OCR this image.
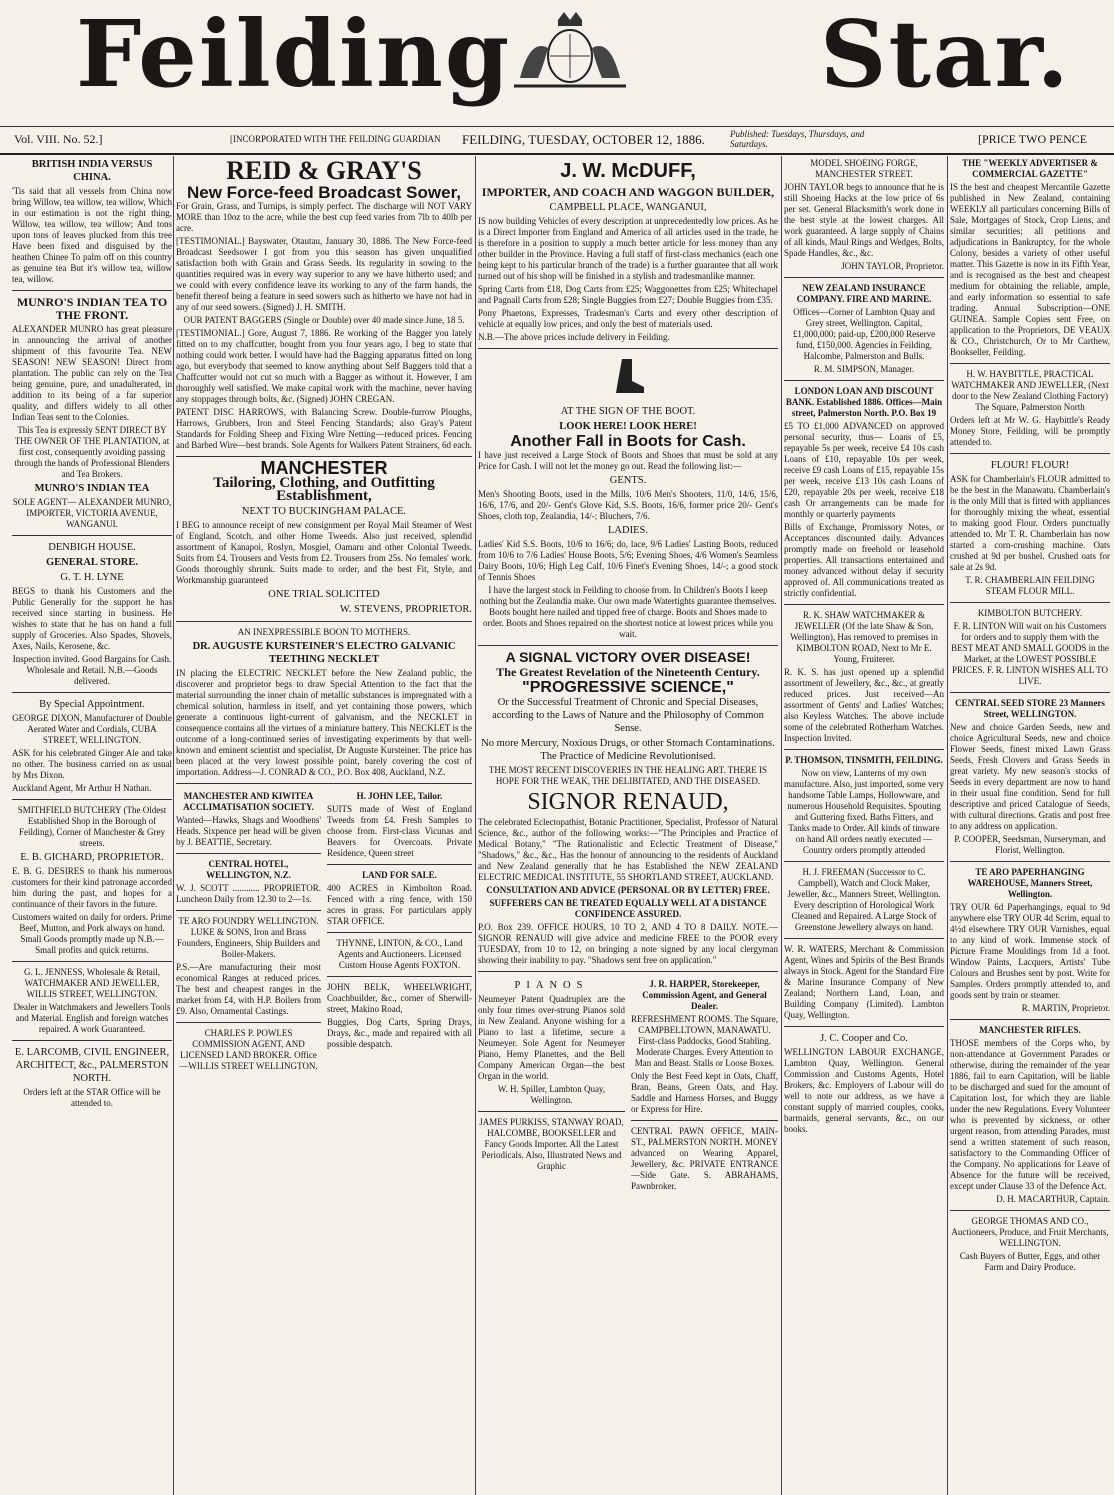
Feilding	Star.
Vol. VIII. No. 52.]	[INCORPORATED WITH THE FEILDING GUARDIAN FEILDING, TUESDAY, OCTOBER 12, 1886.	Published: Tuesdays, Thursdays, and Saturdays.	[PRICE TWO PENCE

BRITISH INDIA VERSUS CHINA.

'Tis said that all vessels from China now bring Willow, tea willow, tea willow, Which in our estimation is not the right thing, Willow, tea willow, tea willow; And tons upon tons of leaves plucked from this tree Have been fixed and disguised by the heathen Chinee To palm off on this country as genuine tea But it's willow tea, willow tea, willow.

MUNRO'S INDIAN TEA TO THE FRONT.

ALEXANDER MUNRO has great pleasure in announcing the arrival of another shipment of this favourite Tea. NEW SEASON! NEW SEASON! Direct from plantation. The public can rely on the Tea being genuine, pure, and unadulterated, in addition to its being of a far superior quality, and differs widely to all other Indian Teas sent to the Colonies.

This Tea is expressly SENT DIRECT BY THE OWNER OF THE PLANTATION, at first cost, consequently avoiding passing through the hands of Professional Blenders and Tea Brokers.

MUNRO'S INDIAN TEA

SOLE AGENT— ALEXANDER MUNRO, IMPORTER, VICTORIA AVENUE, WANGANUI.

DENBIGH HOUSE.

GENERAL STORE.

G. T. H. LYNE

BEGS to thank his Customers and the Public Generally for the support he has received since starting in business. He wishes to state that he has on hand a full supply of Groceries. Also Spades, Shovels, Axes, Nails, Kerosene, &c.

Inspection invited. Good Bargains for Cash. Wholesale and Retail. N.B.—Goods delivered.

By Special Appointment.

GEORGE DIXON, Manufacturer of Double Aerated Water and Cordials, CUBA STREET, WELLINGTON.

ASK for his celebrated Ginger Ale and take no other. The business carried on as usual by Mrs Dixon.

Auckland Agent, Mr Arthur H Nathan.

SMITHFIELD BUTCHERY (The Oldest Established Shop in the Borough of Feilding), Corner of Manchester & Grey streets.

E. B. GICHARD, PROPRIETOR.

E. B. G. DESIRES to thank his numerous customers for their kind patronage accorded him during the past, and hopes for a continuance of their favors in the future.

Customers waited on daily for orders. Prime Beef, Mutton, and Pork always on hand. Small Goods promptly made up N.B.—Small profits and quick returns.

G. L. JENNESS, Wholesale & Retail, WATCHMAKER AND JEWELLER, WILLIS STREET, WELLINGTON.

Dealer in Watchmakers and Jewellers Tools and Material. English and foreign watches repaired. A work Guaranteed.

E. LARCOMB, CIVIL ENGINEER, ARCHITECT, &c., PALMERSTON NORTH.

Orders left at the STAR Office will be attended to.

REID & GRAY'S

New Force-feed Broadcast Sower,

For Grain, Grass, and Turnips, is simply perfect. The discharge will NOT VARY MORE than 10oz to the acre, while the best cup feed varies from 7lb to 40lb per acre.

[TESTIMONIAL.] Bayswater, Otautau, January 30, 1886. The New Force-feed Broadcast Seedsower I got from you this season has given unqualified satisfaction both with Grain and Grass Seeds. Its regularity in sowing to the quantities required was in every way superior to any we have hitherto used; and we could with every confidence leave its working to any of the farm hands, the benefit thereof being a feature in seed sowers such as hitherto we have not had in any of our seed sowers. (Signed) J. H. SMITH.

OUR PATENT BAGGERS (Single or Double) over 40 made since June, 18 5.

[TESTIMONIAL.] Gore, August 7, 1886. Re working of the Bagger you lately fitted on to my chaffcutter, bought from you four years ago, I beg to state that nothing could work better. I would have had the Bagging apparatus fitted on long ago, but everybody that seemed to know anything about Self Baggers told that a Chaffcutter would not cut so much with a Bagger as without it. However, I am thoroughly well satisfied. We make capital work with the machine, never having any stoppages through bolts, &c. (Signed) JOHN CREGAN.

PATENT DISC HARROWS, with Balancing Screw. Double-furrow Ploughs, Harrows, Grubbers, Iron and Steel Fencing Standards; also Gray's Patent Standards for Folding Sheep and Fixing Wire Netting—reduced prices. Fencing and Barbed Wire—best brands. Sole Agents for Walkers Patent Strainers, 6d each.

MANCHESTER

Tailoring, Clothing, and Outfitting Establishment,

NEXT TO BUCKINGHAM PALACE.

I BEG to announce receipt of new consignment per Royal Mail Steamer of West of England, Scotch, and other Home Tweeds. Also just received, splendid assortment of Kanapoi, Roslyn, Mosgiel, Oamaru and other Colonial Tweeds. Suits from £4. Trousers and Vests from £2. Trousers from 25s. No females' work. Goods thoroughly shrunk. Suits made to order, and the best Fit, Style, and Workmanship guaranteed

ONE TRIAL SOLICITED

W. STEVENS, PROPRIETOR.

AN INEXPRESSIBLE BOON TO MOTHERS.

DR. AUGUSTE KURSTEINER'S ELECTRO GALVANIC TEETHING NECKLET

IN placing the ELECTRIC NECKLET before the New Zealand public, the discoverer and proprietor begs to draw Special Attention to the fact that the material surrounding the inner chain of metallic substances is impregnated with a chemical solution, harmless in itself, and yet containing those powers, which generate a continuous light-current of galvanism, and the NECKLET in consequence contains all the virtues of a miniature battery. This NECKLET is the outcome of a long-continued series of investigating experiments by that well-known and eminent scientist and specialist, Dr Auguste Kursteiner. The price has been placed at the very lowest possible point, barely covering the cost of importation. Address—J. CONRAD & CO., P.O. Box 408, Auckland, N.Z.

MANCHESTER AND KIWITEA ACCLIMATISATION SOCIETY.

Wanted—Hawks, Shags and Woodhens' Heads. Sixpence per head will be given by J. BEATTIE, Secretary.

CENTRAL HOTEL, WELLINGTON, N.Z.

W. J. SCOTT ............ PROPRIETOR. Luncheon Daily from 12.30 to 2—1s.

TE ARO FOUNDRY WELLINGTON. LUKE & SONS, Iron and Brass Founders, Engineers, Ship Builders and Boiler-Makers.

P.S.—Are manufacturing their most economical Ranges at reduced prices. The best and cheapest ranges in the market from £4, with H.P. Boilers from £9. Also, Ornamental Castings.

CHARLES P. POWLES COMMISSION AGENT, AND LICENSED LAND BROKER. Office—WILLIS STREET WELLINGTON.

H. JOHN LEE, Tailor.

SUITS made of West of England Tweeds from £4. Fresh Samples to choose from. First-class Vicunas and Beavers for Overcoats. Private Residence, Queen street

LAND FOR SALE.

400 ACRES in Kimbolton Road. Fenced with a ring fence, with 150 acres in grass. For particulars apply STAR OFFICE.

THYNNE, LINTON, & CO., Land Agents and Auctioneers. Licensed Custom House Agents FOXTON.

JOHN BELK, WHEELWRIGHT, Coachbuilder, &c., corner of Sherwill-street, Makino Road,

Buggies, Dog Carts, Spring Drays, Drays, &c., made and repaired with all possible despatch.

J. W. McDUFF,

IMPORTER, AND COACH AND WAGGON BUILDER,

CAMPBELL PLACE, WANGANUI,

IS now building Vehicles of every description at unprecedentedly low prices. As he is a Direct Importer from England and America of all articles used in the trade, he is therefore in a position to supply a much better article for less money than any other builder in the Province. Having a full staff of first-class mechanics (each one being kept to his particular branch of the trade) is a further guarantee that all work turned out of his shop will be finished in a stylish and tradesmanlike manner.

Spring Carts from £18, Dog Carts from £25; Waggonettes from £25; Whitechapel and Pagnall Carts from £28; Single Buggies from £27; Double Buggies from £35.

Pony Phaetons, Expresses, Tradesman's Carts and every other description of vehicle at equally low prices, and only the best of materials used.

N.B.—The above prices include delivery in Feilding.

AT THE SIGN OF THE BOOT.

LOOK HERE! LOOK HERE!

Another Fall in Boots for Cash.

I have just received a Large Stock of Boots and Shoes that must be sold at any Price for Cash. I will not let the money go out. Read the following list:—

GENTS.

Men's Shooting Boots, used in the Mills, 10/6 Men's Shooters, 11/0, 14/6, 15/6, 16/6, 17/6, and 20/- Gent's Glove Kid, S.S. Boots, 16/6, former price 20/- Gent's Shoes, cloth top, Zealandia, 14/-; Bluchers, 7/6.

LADIES.

Ladies' Kid S.S. Boots, 10/6 to 16/6; do, lace, 9/6 Ladies' Lasting Boots, reduced from 10/6 to 7/6 Ladies' House Boots, 5/6; Evening Shoes, 4/6 Women's Seamless Dairy Boots, 10/6; High Leg Calf, 10/6 Finet's Evening Shoes, 14/-; a good stock of Tennis Shoes

I have the largest stock in Feilding to choose from. In Children's Boots I keep nothing but the Zealandia make. Our own made Watertights guarantee themselves. Boots bought here nailed and tipped free of charge. Boots and Shoes made to order. Boots and Shoes repaired on the shortest notice at lowest prices while you wait.

A SIGNAL VICTORY OVER DISEASE!

The Greatest Revelation of the Nineteenth Century.

"PROGRESSIVE SCIENCE,"

Or the Successful Treatment of Chronic and Special Diseases, according to the Laws of Nature and the Philosophy of Common Sense.

No more Mercury, Noxious Drugs, or other Stomach Contaminations. The Practice of Medicine Revolutionised.

THE MOST RECENT DISCOVERIES IN THE HEALING ART. THERE IS HOPE FOR THE WEAK, THE DELIBITATED, AND THE DISEASED.

SIGNOR RENAUD,

The celebrated Eclectopathist, Botanic Practitioner, Specialist, Professor of Natural Science, &c., author of the following works:—"The Principles and Practice of Medical Botany," "The Rationalistic and Eclectic Treatment of Disease," "Shadows," &c., &c., Has the honour of announcing to the residents of Auckland and New Zealand generally that he has Established the NEW ZEALAND ELECTRIC MEDICAL INSTITUTE, 55 SHORTLAND STREET, AUCKLAND.

CONSULTATION AND ADVICE (PERSONAL OR BY LETTER) FREE.

SUFFERERS CAN BE TREATED EQUALLY WELL AT A DISTANCE CONFIDENCE ASSURED.

P.O. Box 239. OFFICE HOURS, 10 TO 2, AND 4 TO 8 DAILY. NOTE.—SIGNOR RENAUD will give advice and medicine FREE to the POOR every TUESDAY, from 10 to 12, on bringing a note signed by any local clergyman showing their inability to pay. "Shadows sent free on application."

PIANOS

Neumeyer Patent Quadruplex are the only four times over-strung Pianos sold in New Zealand. Anyone wishing for a Piano to last a lifetime, secure a Neumeyer. Sole Agent for Neumeyer Piano, Hemy Planettes, and the Bell Company American Organ—the best Organ in the world.

W. H. Spiller, Lambton Quay, Wellington.

JAMES PURKISS, STANWAY ROAD, HALCOMBE, BOOKSELLER and Fancy Goods Importer. All the Latest Periodicals. Also, Illustrated News and Graphic

J. R. HARPER, Storekeeper, Commission Agent, and General Dealer.

REFRESHMENT ROOMS. The Square, CAMPBELLTOWN, MANAWATU. First-class Paddocks, Good Stabling. Moderate Charges. Every Attention to Man and Beast. Stalls or Loose Boxes.

Only the Best Feed kept in Oats, Chaff, Bran, Beans, Green Oats, and Hay. Saddle and Harness Horses, and Buggy or Express for Hire.

CENTRAL PAWN OFFICE, MAIN-ST., PALMERSTON NORTH. MONEY advanced on Wearing Apparel, Jewellery, &c. PRIVATE ENTRANCE—Side Gate. S. ABRAHAMS, Pawnbroker.

MODEL SHOEING FORGE, MANCHESTER STREET.

JOHN TAYLOR begs to announce that he is still Shoeing Hacks at the low price of 6s per set. General Blacksmith's work done in the best style at the lowest charges. All work guaranteed. A large supply of Chains of all kinds, Maul Rings and Wedges, Bolts, Spade Handles, &c., &c.

JOHN TAYLOR, Proprietor.

NEW ZEALAND INSURANCE COMPANY. FIRE AND MARINE.

Offices—Corner of Lambton Quay and Grey street, Wellington. Capital, £1,000,000; paid-up, £200,000 Reserve fund, £150,000. Agencies in Feilding, Halcombe, Palmerston and Bulls.

R. M. SIMPSON, Manager.

LONDON LOAN AND DISCOUNT BANK. Established 1886. Offices—Main street, Palmerston North. P.O. Box 19

£5 TO £1,000 ADVANCED on approved personal security, thus— Loans of £5, repayable 5s per week, receive £4 10s cash Loans of £10, repayable 10s per week, receive £9 cash Loans of £15, repayable 15s per week, receive £13 10s cash Loans of £20, repayable 20s per week, receive £18 cash Or arrangements can be made for monthly or quarterly payments

Bills of Exchange, Promissory Notes, or Acceptances discounted daily. Advances promptly made on freehold or leasehold properties. All transactions entertained and money advanced without delay if security approved of. All communications treated as strictly confidential.

R. K. SHAW WATCHMAKER & JEWELLER (Of the late Shaw & Son, Wellington), Has removed to premises in KIMBOLTON ROAD, Next to Mr E. Young, Fruiterer.

R. K. S. has just opened up a splendid assortment of Jewellery, &c., &c., at greatly reduced prices. Just received—An assortment of Gents' and Ladies' Watches; also Keyless Watches. The above include some of the celebrated Rotherham Watches. Inspection Invited.

P. THOMSON, TINSMITH, FEILDING.

Now on view, Lanterns of my own manufacture. Also, just imported, some very handsome Table Lamps, Hollowware, and numerous Household Requisites. Spouting and Guttering fixed. Baths Fitters, and Tanks made to Order. All kinds of tinware on hand All orders neatly executed — Country orders promptly attended

H. J. FREEMAN (Successor to C. Campbell), Watch and Clock Maker, Jeweller, &c., Manners Street, Wellington. Every description of Horological Work Cleaned and Repaired. A Large Stock of Greenstone Jewellery always on hand.

W. R. WATERS, Merchant & Commission Agent, Wines and Spirits of the Best Brands always in Stock. Agent for the Standard Fire & Marine Insurance Company of New Zealand; Northern Land, Loan, and Building Company (Limited). Lambton Quay, Wellington.

J. C. Cooper and Co.

WELLINGTON LABOUR EXCHANGE, Lambton Quay, Wellington. General Commission and Customs Agents, Hotel Brokers, &c. Employers of Labour will do well to note our address, as we have a constant supply of married couples, cooks, barmaids, general servants, &c., on our books.

THE "WEEKLY ADVERTISER & COMMERCIAL GAZETTE"

IS the best and cheapest Mercantile Gazette published in New Zealand, containing WEEKLY all particulars concerning Bills of Sale, Mortgages of Stock, Crop Liens, and similar securities; all petitions and adjudications in Bankruptcy, for the whole Colony, besides a variety of other useful matter. This Gazette is now in its Fifth Year, and is recognised as the best and cheapest medium for obtaining the reliable, ample, and early information so essential to safe trading. Annual Subscription—ONE GUINEA. Sample Copies sent Free, on application to the Proprietors, DE VEAUX & CO., Christchurch, Or to Mr Carthew, Bookseller, Feilding.

H. W. HAYBITTLE, PRACTICAL WATCHMAKER AND JEWELLER, (Next door to the New Zealand Clothing Factory) The Square, Palmerston North

Orders left at Mr W. G. Haybittle's Ready Money Store, Feilding, will be promptly attended to.

FLOUR! FLOUR!

ASK for Chamberlain's FLOUR admitted to be the best in the Manawatu. Chamberlain's is the only Mill that is fitted with appliances for thoroughly mixing the wheat, essential to making good Flour. Orders punctually attended to. Mr T. R. Chamberlain has now started a corn-crushing machine. Oats crushed at 9d per bushel. Crushed oats for sale at 2s 9d.

T. R. CHAMBERLAIN FEILDING STEAM FLOUR MILL.

KIMBOLTON BUTCHERY.

F. R. LINTON Will wait on his Customers for orders and to supply them with the BEST MEAT AND SMALL GOODS in the Market, at the LOWEST POSSIBLE PRICES. F. R. LINTON WISHES ALL TO LIVE.

CENTRAL SEED STORE 23 Manners Street, WELLINGTON.

New and choice Garden Seeds, new and choice Agricultural Seeds, new and choice Flower Seeds, finest mixed Lawn Grass Seeds, Fresh Clovers and Grass Seeds in great variety. My new season's stocks of Seeds in every department are now to hand in their usual fine condition. Send for full descriptive and priced Catalogue of Seeds, with cultural directions. Gratis and post free to any address on application.

P. COOPER, Seedsman, Nurseryman, and Florist, Wellington.

TE ARO PAPERHANGING WAREHOUSE, Manners Street, Wellington.

TRY OUR 6d Paperhangings, equal to 9d anywhere else TRY OUR 4d Scrim, equal to 4½d elsewhere TRY OUR Varnishes, equal to any kind of work. Immense stock of Picture Frame Mouldings from 1d a foot. Window Paints, Lacquers, Artists' Tube Colours and Brushes sent by post. Write for Samples. Orders promptly attended to, and goods sent by train or steamer.

R. MARTIN, Proprietor.

MANCHESTER RIFLES.

THOSE members of the Corps who, by non-attendance at Government Parades or otherwise, during the remainder of the year 1886, fail to earn Capitation, will be liable to be discharged and sued for the amount of Capitation lost, for which they are liable under the new Regulations. Every Volunteer who is prevented by sickness, or other urgent reason, from attending Parades, must send a written statement of such reason, satisfactory to the Commanding Officer of the Company. No applications for Leave of Absence for the future will be received, except under Clause 33 of the Defence Act.

D. H. MACARTHUR, Captain.

GEORGE THOMAS AND CO., Auctioneers, Produce, and Fruit Merchants, WELLINGTON.

Cash Buyers of Butter, Eggs, and other Farm and Dairy Produce.
